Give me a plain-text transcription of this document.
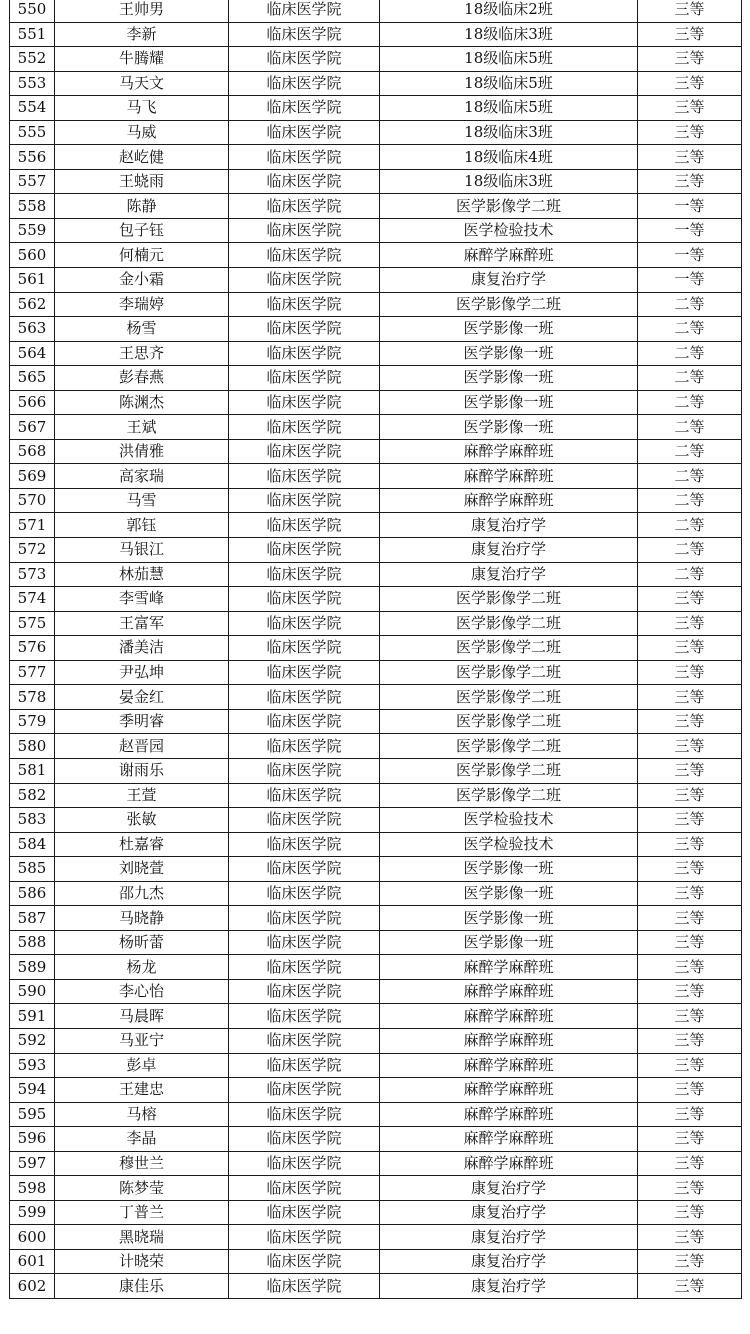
550	王帅男	临床医学院	18级临床2班	三等
551	李新	临床医学院	18级临床3班	三等
552	牛腾耀	临床医学院	18级临床5班	三等
553	马天文	临床医学院	18级临床5班	三等
554	马飞	临床医学院	18级临床5班	三等
555	马威	临床医学院	18级临床3班	三等
556	赵屹健	临床医学院	18级临床4班	三等
557	王蛲雨	临床医学院	18级临床3班	三等
558	陈静	临床医学院	医学影像学二班	一等
559	包子钰	临床医学院	医学检验技术	一等
560	何楠元	临床医学院	麻醉学麻醉班	一等
561	金小霜	临床医学院	康复治疗学	一等
562	李瑞婷	临床医学院	医学影像学二班	二等
563	杨雪	临床医学院	医学影像一班	二等
564	王思齐	临床医学院	医学影像一班	二等
565	彭春燕	临床医学院	医学影像一班	二等
566	陈渊杰	临床医学院	医学影像一班	二等
567	王斌	临床医学院	医学影像一班	二等
568	洪倩雅	临床医学院	麻醉学麻醉班	二等
569	高家瑞	临床医学院	麻醉学麻醉班	二等
570	马雪	临床医学院	麻醉学麻醉班	二等
571	郭钰	临床医学院	康复治疗学	二等
572	马银江	临床医学院	康复治疗学	二等
573	林茄慧	临床医学院	康复治疗学	二等
574	李雪峰	临床医学院	医学影像学二班	三等
575	王富军	临床医学院	医学影像学二班	三等
576	潘美洁	临床医学院	医学影像学二班	三等
577	尹弘坤	临床医学院	医学影像学二班	三等
578	晏金红	临床医学院	医学影像学二班	三等
579	季明睿	临床医学院	医学影像学二班	三等
580	赵晋园	临床医学院	医学影像学二班	三等
581	谢雨乐	临床医学院	医学影像学二班	三等
582	王萱	临床医学院	医学影像学二班	三等
583	张敏	临床医学院	医学检验技术	三等
584	杜嘉睿	临床医学院	医学检验技术	三等
585	刘晓萱	临床医学院	医学影像一班	三等
586	邵九杰	临床医学院	医学影像一班	三等
587	马晓静	临床医学院	医学影像一班	三等
588	杨昕蕾	临床医学院	医学影像一班	三等
589	杨龙	临床医学院	麻醉学麻醉班	三等
590	李心怡	临床医学院	麻醉学麻醉班	三等
591	马晨晖	临床医学院	麻醉学麻醉班	三等
592	马亚宁	临床医学院	麻醉学麻醉班	三等
593	彭卓	临床医学院	麻醉学麻醉班	三等
594	王建忠	临床医学院	麻醉学麻醉班	三等
595	马榕	临床医学院	麻醉学麻醉班	三等
596	李晶	临床医学院	麻醉学麻醉班	三等
597	穆世兰	临床医学院	麻醉学麻醉班	三等
598	陈梦莹	临床医学院	康复治疗学	三等
599	丁普兰	临床医学院	康复治疗学	三等
600	黑晓瑞	临床医学院	康复治疗学	三等
601	计晓荣	临床医学院	康复治疗学	三等
602	康佳乐	临床医学院	康复治疗学	三等
